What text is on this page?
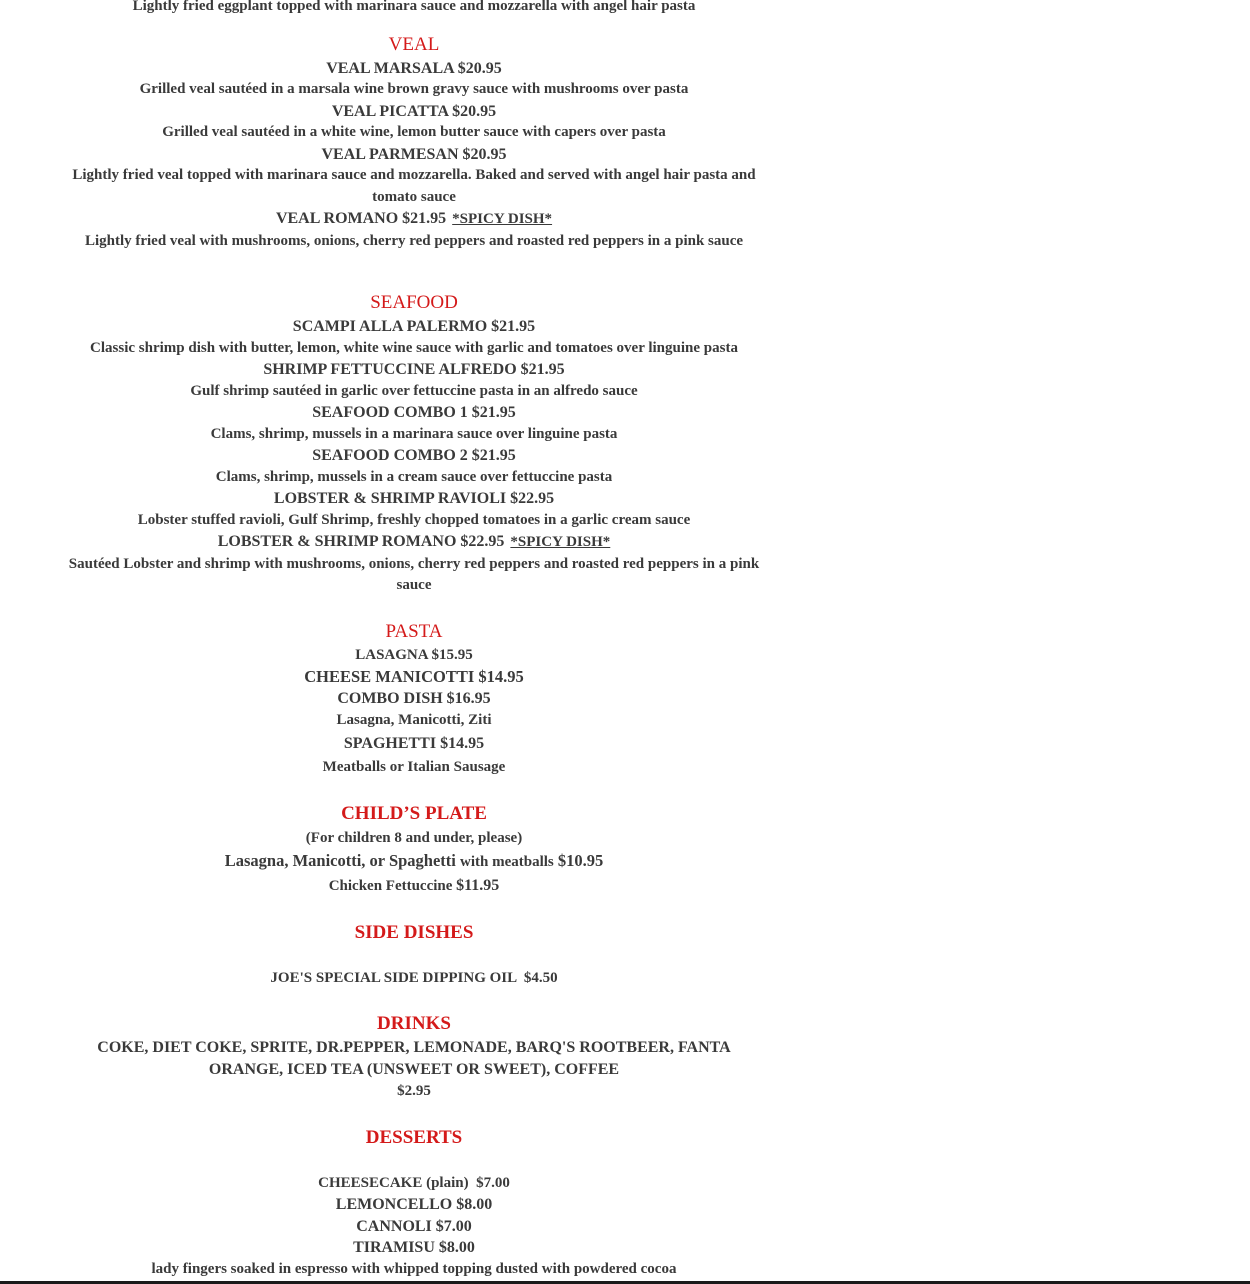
Lightly fried eggplant topped with marinara sauce and mozzarella with angel hair pasta
VEAL
VEAL MARSALA $20.95
Grilled veal sautéed in a marsala wine brown gravy sauce with mushrooms over pasta
VEAL PICATTA $20.95
Grilled veal sautéed in a white wine, lemon butter sauce with capers over pasta
VEAL PARMESAN $20.95
Lightly fried veal topped with marinara sauce and mozzarella. Baked and served with angel hair pasta and tomato sauce
VEAL ROMANO $21.95 *SPICY DISH*
Lightly fried veal with mushrooms, onions, cherry red peppers and roasted red peppers in a pink sauce
SEAFOOD
SCAMPI ALLA PALERMO $21.95
Classic shrimp dish with butter, lemon, white wine sauce with garlic and tomatoes over linguine pasta
SHRIMP FETTUCCINE ALFREDO $21.95
Gulf shrimp sautéed in garlic over fettuccine pasta in an alfredo sauce
SEAFOOD COMBO 1 $21.95
Clams, shrimp, mussels in a marinara sauce over linguine pasta
SEAFOOD COMBO 2 $21.95
Clams, shrimp, mussels in a cream sauce over fettuccine pasta
LOBSTER & SHRIMP RAVIOLI $22.95
Lobster stuffed ravioli, Gulf Shrimp, freshly chopped tomatoes in a garlic cream sauce
LOBSTER & SHRIMP ROMANO $22.95 *SPICY DISH*
Sautéed Lobster and shrimp with mushrooms, onions, cherry red peppers and roasted red peppers in a pink sauce
PASTA
LASAGNA $15.95
CHEESE MANICOTTI $14.95
COMBO DISH $16.95
Lasagna, Manicotti, Ziti
SPAGHETTI $14.95
Meatballs or Italian Sausage
CHILD’S PLATE
(For children 8 and under, please)
Lasagna, Manicotti, or Spaghetti with meatballs $10.95
Chicken Fettuccine $11.95
SIDE DISHES
JOE'S SPECIAL SIDE DIPPING OIL  $4.50
DRINKS
COKE, DIET COKE, SPRITE, DR.PEPPER, LEMONADE, BARQ'S ROOTBEER, FANTA ORANGE, ICED TEA (UNSWEET OR SWEET), COFFEE
$2.95
DESSERTS
CHEESECAKE (plain)  $7.00
LEMONCELLO $8.00
CANNOLI $7.00
TIRAMISU $8.00
lady fingers soaked in espresso with whipped topping dusted with powdered cocoa
